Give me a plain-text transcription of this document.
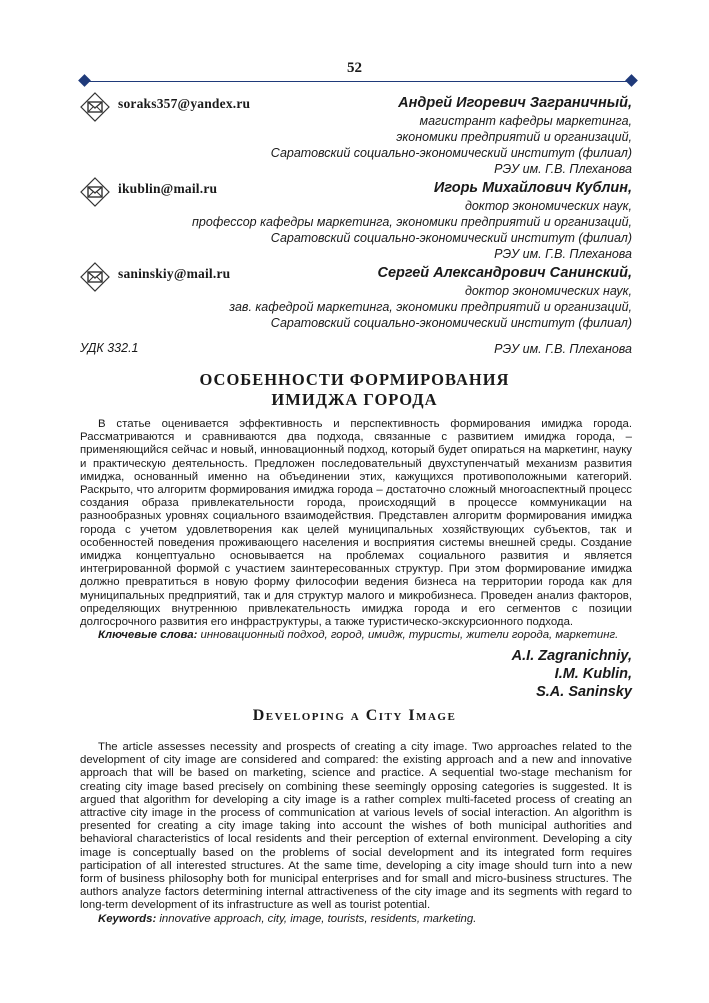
52
soraks357@yandex.ru	Андрей Игоревич Заграничный,
магистрант кафедры маркетинга,
экономики предприятий и организаций,
Саратовский социально-экономический институт (филиал)
РЭУ им. Г.В. Плеханова
ikublin@mail.ru	Игорь Михайлович Кублин,
доктор экономических наук,
профессор кафедры маркетинга, экономики предприятий и организаций,
Саратовский социально-экономический институт (филиал)
РЭУ им. Г.В. Плеханова
saninskiy@mail.ru	Сергей Александрович Санинский,
доктор экономических наук,
зав. кафедрой маркетинга, экономики предприятий и организаций,
Саратовский социально-экономический институт (филиал)
УДК 332.1	РЭУ им. Г.В. Плеханова
ОСОБЕННОСТИ ФОРМИРОВАНИЯ
ИМИДЖА ГОРОДА

В статье оценивается эффективность и перспективность формирования имиджа города. Рассматриваются и сравниваются два подхода, связанные с развитием имиджа города, – применяющийся сейчас и новый, инновационный подход, который будет опираться на маркетинг, науку и практическую деятельность. Предложен последовательный двухступенчатый механизм развития имиджа, основанный именно на объединении этих, кажущихся противоположными категорий. Раскрыто, что алгоритм формирования имиджа города – достаточно сложный многоаспектный процесс создания образа привлекательности города, происходящий в процессе коммуникации на разнообразных уровнях социального взаимодействия. Представлен алгоритм формирования имиджа города с учетом удовлетворения как целей муниципальных хозяйствующих субъектов, так и особенностей поведения проживающего населения и восприятия системы внешней среды. Создание имиджа концептуально основывается на проблемах социального развития и является интегрированной формой с участием заинтересованных структур. При этом формирование имиджа должно превратиться в новую форму философии ведения бизнеса на территории города как для муниципальных предприятий, так и для структур малого и микробизнеса. Проведен анализ факторов, определяющих внутреннюю привлекательность имиджа города и его сегментов с позиции долгосрочного развития его инфраструктуры, а также туристическо-экскурсионного подхода.

Ключевые слова: инновационный подход, город, имидж, туристы, жители города, маркетинг.

A.I. Zagranichniy,
I.M. Kublin,
S.A. Saninsky
Developing a City Image

The article assesses necessity and prospects of creating a city image. Two approaches related to the development of city image are considered and compared: the existing approach and a new and innovative approach that will be based on marketing, science and practice. A sequential two-stage mechanism for creating city image based precisely on combining these seemingly opposing categories is suggested. It is argued that algorithm for developing a city image is a rather complex multi-faceted process of creating an attractive city image in the process of communication at various levels of social interaction. An algorithm is presented for creating a city image taking into account the wishes of both municipal authorities and behavioral characteristics of local residents and their perception of external environment. Developing a city image is conceptually based on the problems of social development and its integrated form requires participation of all interested structures. At the same time, developing a city image should turn into a new form of business philosophy both for municipal enterprises and for small and micro-business structures. The authors analyze factors determining internal attractiveness of the city image and its segments with regard to long-term development of its infrastructure as well as tourist potential.

Keywords: innovative approach, city, image, tourists, residents, marketing.
